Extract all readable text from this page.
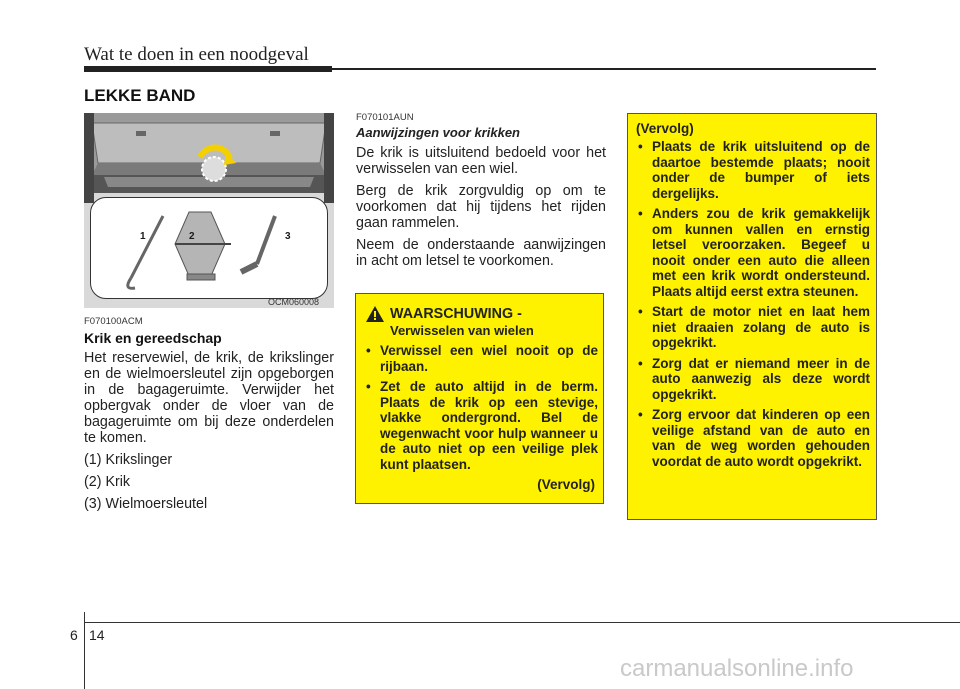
Wat te doen in een noodgeval
LEKKE BAND
1	2	3
OCM060008
F070100ACM
Krik en gereedschap

Het reservewiel, de krik, de krikslinger en de wielmoersleutel zijn opgeborgen in de bagageruimte. Verwijder het opbergvak onder de vloer van de bagageruimte om bij deze onderdelen te komen.

(1) Krikslinger

(2) Krik

(3) Wielmoersleutel

F070101AUN
Aanwijzingen voor krikken

De krik is uitsluitend bedoeld voor het verwisselen van een wiel.

Berg de krik zorgvuldig op om te voorkomen dat hij tijdens het rijden gaan rammelen.

Neem de onderstaande aanwijzingen in acht om letsel te voorkomen.

WAARSCHUWING -
Verwisselen van wielen
• Verwissel een wiel nooit op de rijbaan.
• Zet de auto altijd in de berm. Plaats de krik op een stevige, vlakke ondergrond. Bel de wegenwacht voor hulp wanneer u de auto niet op een veilige plek kunt plaatsen.
(Vervolg)
(Vervolg)
• Plaats de krik uitsluitend op de daartoe bestemde plaats; nooit onder de bumper of iets dergelijks.
• Anders zou de krik gemakkelijk om kunnen vallen en ernstig letsel veroorzaken. Begeef u nooit onder een auto die alleen met een krik wordt ondersteund. Plaats altijd eerst extra steunen.
• Start de motor niet en laat hem niet draaien zolang de auto is opgekrikt.
• Zorg dat er niemand meer in de auto aanwezig als deze wordt opgekrikt.
• Zorg ervoor dat kinderen op een veilige afstand van de auto en van de weg worden gehouden voordat de auto wordt opgekrikt.
6 14
carmanualsonline.info
